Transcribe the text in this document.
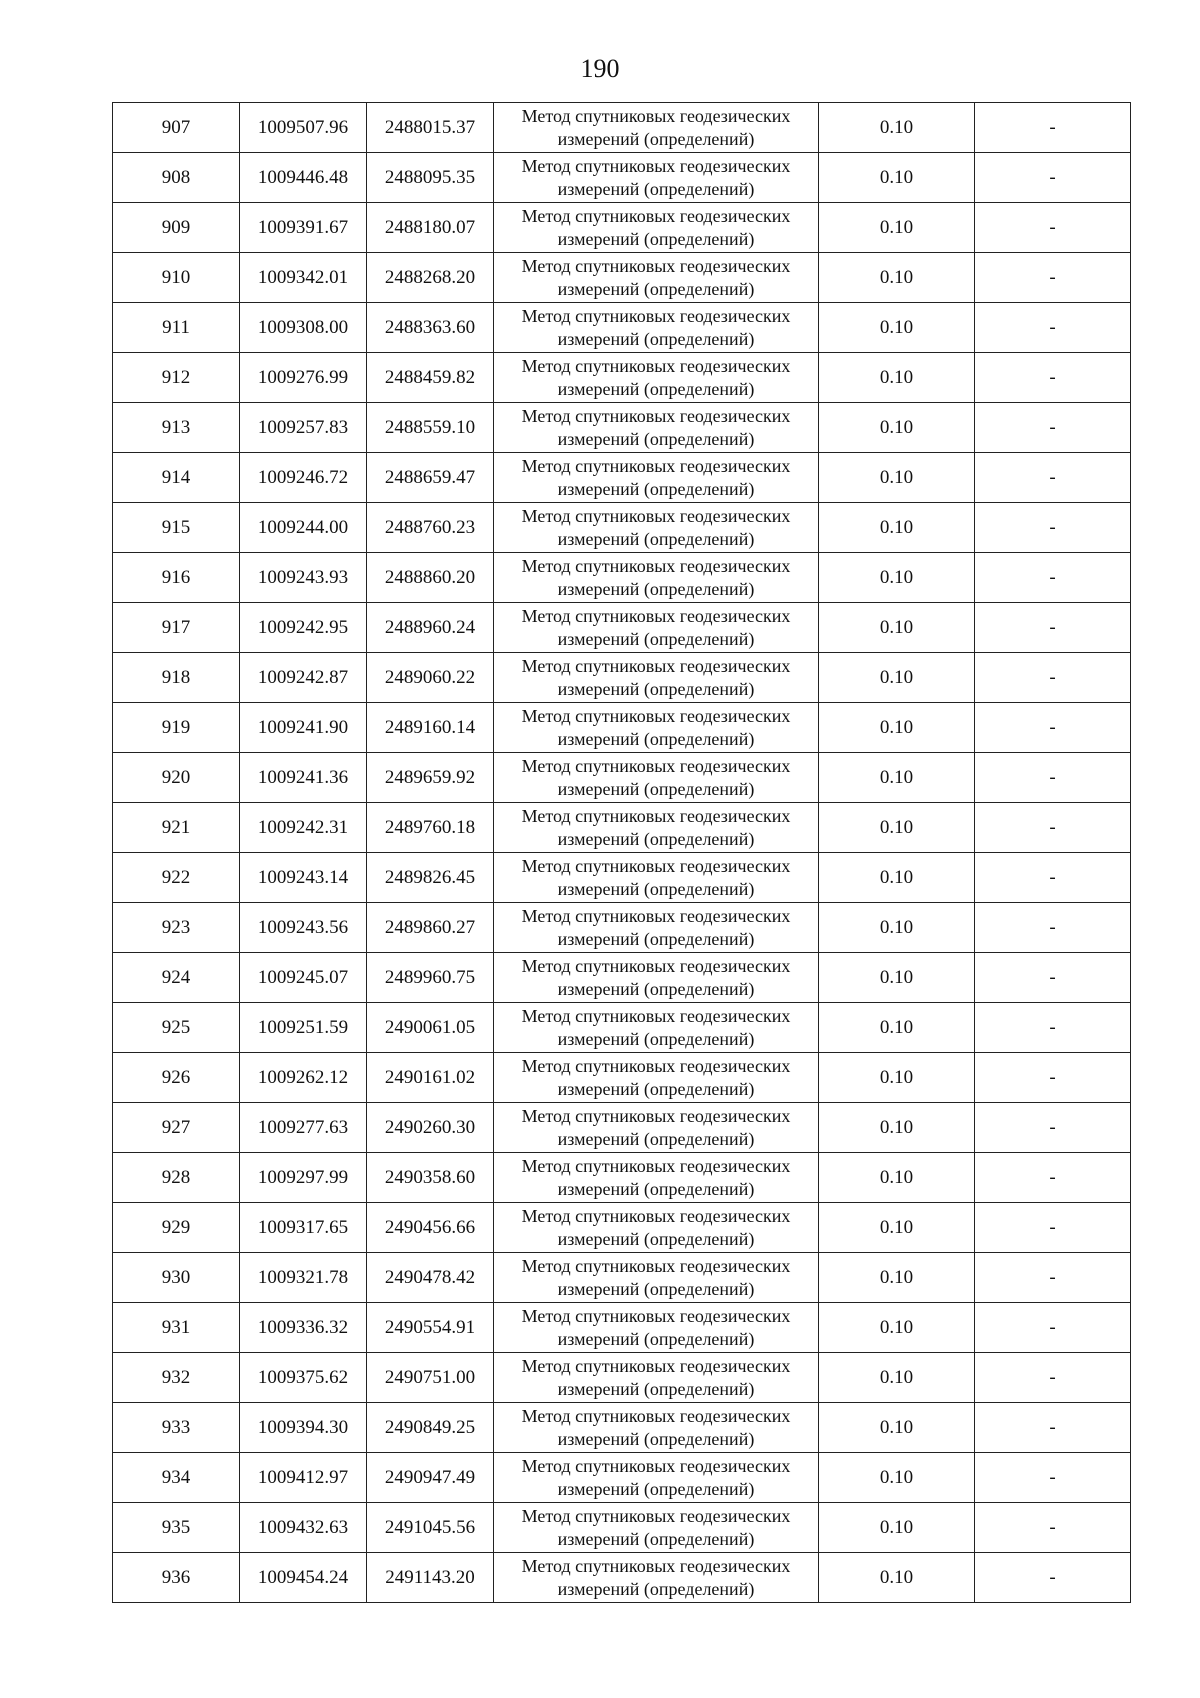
190
907	1009507.96	2488015.37	Метод спутниковых геодезических измерений (определений)	0.10	-
908	1009446.48	2488095.35	Метод спутниковых геодезических измерений (определений)	0.10	-
909	1009391.67	2488180.07	Метод спутниковых геодезических измерений (определений)	0.10	-
910	1009342.01	2488268.20	Метод спутниковых геодезических измерений (определений)	0.10	-
911	1009308.00	2488363.60	Метод спутниковых геодезических измерений (определений)	0.10	-
912	1009276.99	2488459.82	Метод спутниковых геодезических измерений (определений)	0.10	-
913	1009257.83	2488559.10	Метод спутниковых геодезических измерений (определений)	0.10	-
914	1009246.72	2488659.47	Метод спутниковых геодезических измерений (определений)	0.10	-
915	1009244.00	2488760.23	Метод спутниковых геодезических измерений (определений)	0.10	-
916	1009243.93	2488860.20	Метод спутниковых геодезических измерений (определений)	0.10	-
917	1009242.95	2488960.24	Метод спутниковых геодезических измерений (определений)	0.10	-
918	1009242.87	2489060.22	Метод спутниковых геодезических измерений (определений)	0.10	-
919	1009241.90	2489160.14	Метод спутниковых геодезических измерений (определений)	0.10	-
920	1009241.36	2489659.92	Метод спутниковых геодезических измерений (определений)	0.10	-
921	1009242.31	2489760.18	Метод спутниковых геодезических измерений (определений)	0.10	-
922	1009243.14	2489826.45	Метод спутниковых геодезических измерений (определений)	0.10	-
923	1009243.56	2489860.27	Метод спутниковых геодезических измерений (определений)	0.10	-
924	1009245.07	2489960.75	Метод спутниковых геодезических измерений (определений)	0.10	-
925	1009251.59	2490061.05	Метод спутниковых геодезических измерений (определений)	0.10	-
926	1009262.12	2490161.02	Метод спутниковых геодезических измерений (определений)	0.10	-
927	1009277.63	2490260.30	Метод спутниковых геодезических измерений (определений)	0.10	-
928	1009297.99	2490358.60	Метод спутниковых геодезических измерений (определений)	0.10	-
929	1009317.65	2490456.66	Метод спутниковых геодезических измерений (определений)	0.10	-
930	1009321.78	2490478.42	Метод спутниковых геодезических измерений (определений)	0.10	-
931	1009336.32	2490554.91	Метод спутниковых геодезических измерений (определений)	0.10	-
932	1009375.62	2490751.00	Метод спутниковых геодезических измерений (определений)	0.10	-
933	1009394.30	2490849.25	Метод спутниковых геодезических измерений (определений)	0.10	-
934	1009412.97	2490947.49	Метод спутниковых геодезических измерений (определений)	0.10	-
935	1009432.63	2491045.56	Метод спутниковых геодезических измерений (определений)	0.10	-
936	1009454.24	2491143.20	Метод спутниковых геодезических измерений (определений)	0.10	-
